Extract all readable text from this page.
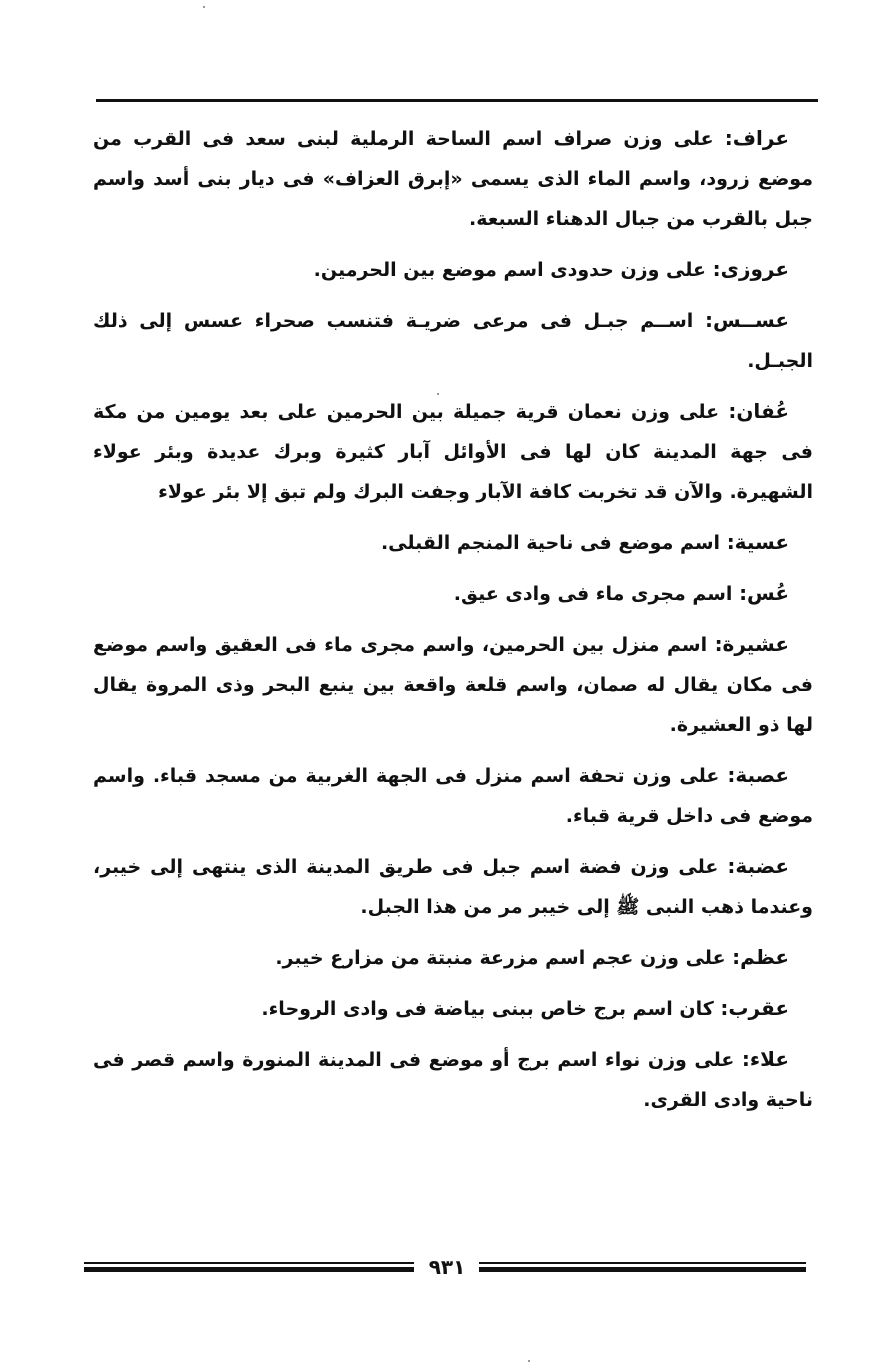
عراف: على وزن صراف اسم الساحة الرملية لبنى سعد فى القرب من موضع زرود، واسم الماء الذى يسمى «إبرق العزاف» فى ديار بنى أسد واسم جبل بالقرب من جبال الدهناء السبعة.

عروزى: على وزن حدودى اسم موضع بين الحرمين.

عســس: اســم جبـل فى مرعى ضريـة فتنسب صحراء عسس إلى ذلك الجبـل.

عُفان: على وزن نعمان قرية جميلة بين الحرمين على بعد يومين من مكة فى جهة المدينة كان لها فى الأوائل آبار كثيرة وبرك عديدة وبئر عولاء الشهيرة. والآن قد تخربت كافة الآبار وجفت البرك ولم تبق إلا بئر عولاء

عسية: اسم موضع فى ناحية المنجم القبلى.

عُس: اسم مجرى ماء فى وادى عيق.

عشيرة: اسم منزل بين الحرمين، واسم مجرى ماء فى العقيق واسم موضع فى مكان يقال له صمان، واسم قلعة واقعة بين ينبع البحر وذى المروة يقال لها ذو العشيرة.

عصبة: على وزن تحفة اسم منزل فى الجهة الغربية من مسجد قباء. واسم موضع فى داخل قرية قباء.

عضبة: على وزن فضة اسم جبل فى طريق المدينة الذى ينتهى إلى خيبر، وعندما ذهب النبى ﷺ إلى خيبر مر من هذا الجبل.

عظم: على وزن عجم اسم مزرعة منبتة من مزارع خيبر.

عقرب: كان اسم برج خاص ببنى بياضة فى وادى الروحاء.

علاء: على وزن نواء اسم برج أو موضع فى المدينة المنورة واسم قصر فى ناحية وادى القرى.

٩٣١
